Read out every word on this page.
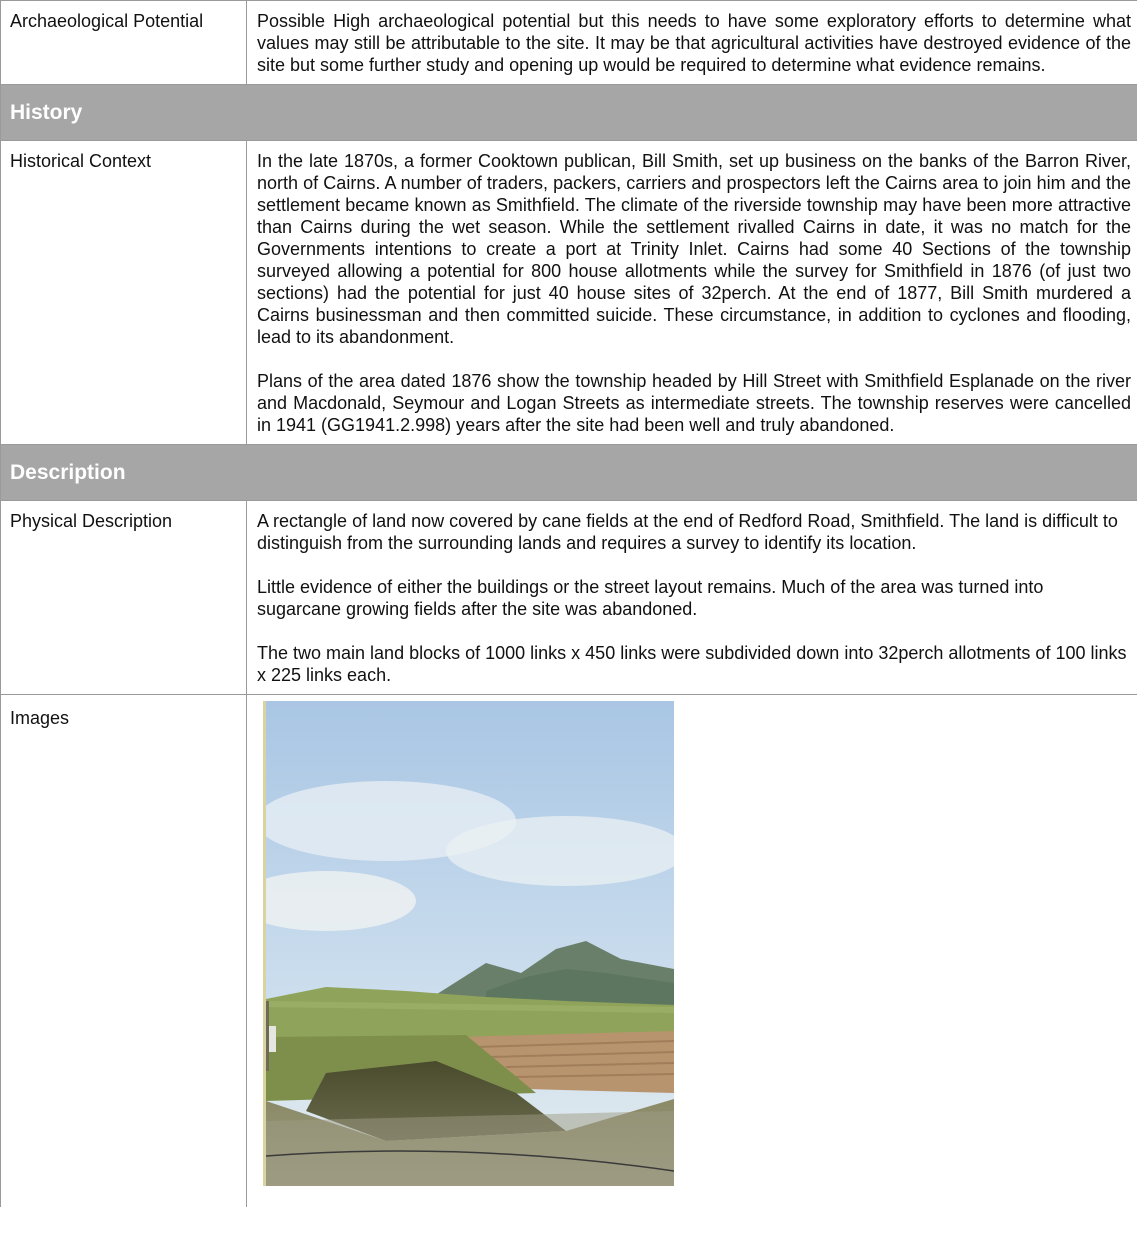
Archaeological Potential	Possible High archaeological potential but this needs to have some exploratory efforts to determine what values may still be attributable to the site. It may be that agricultural activities have destroyed evidence of the site but some further study and opening up would be required to determine what evidence remains.

History
Historical Context	In the late 1870s, a former Cooktown publican, Bill Smith, set up business on the banks of the Barron River, north of Cairns. A number of traders, packers, carriers and prospectors left the Cairns area to join him and the settlement became known as Smithfield. The climate of the riverside township may have been more attractive than Cairns during the wet season. While the settlement rivalled Cairns in date, it was no match for the Governments intentions to create a port at Trinity Inlet. Cairns had some 40 Sections of the township surveyed allowing a potential for 800 house allotments while the survey for Smithfield in 1876 (of just two sections) had the potential for just 40 house sites of 32perch. At the end of 1877, Bill Smith murdered a Cairns businessman and then committed suicide. These circumstance, in addition to cyclones and flooding, lead to its abandonment.

Plans of the area dated 1876 show the township headed by Hill Street with Smithfield Esplanade on the river and Macdonald, Seymour and Logan Streets as intermediate streets. The township reserves were cancelled in 1941 (GG1941.2.998) years after the site had been well and truly abandoned.

Description
Physical Description	A rectangle of land now covered by cane fields at the end of Redford Road, Smithfield. The land is difficult to distinguish from the surrounding lands and requires a survey to identify its location.

Little evidence of either the buildings or the street layout remains. Much of the area was turned into sugarcane growing fields after the site was abandoned.

The two main land blocks of 1000 links x 450 links were subdivided down into 32perch allotments of 100 links x 225 links each.

Images
